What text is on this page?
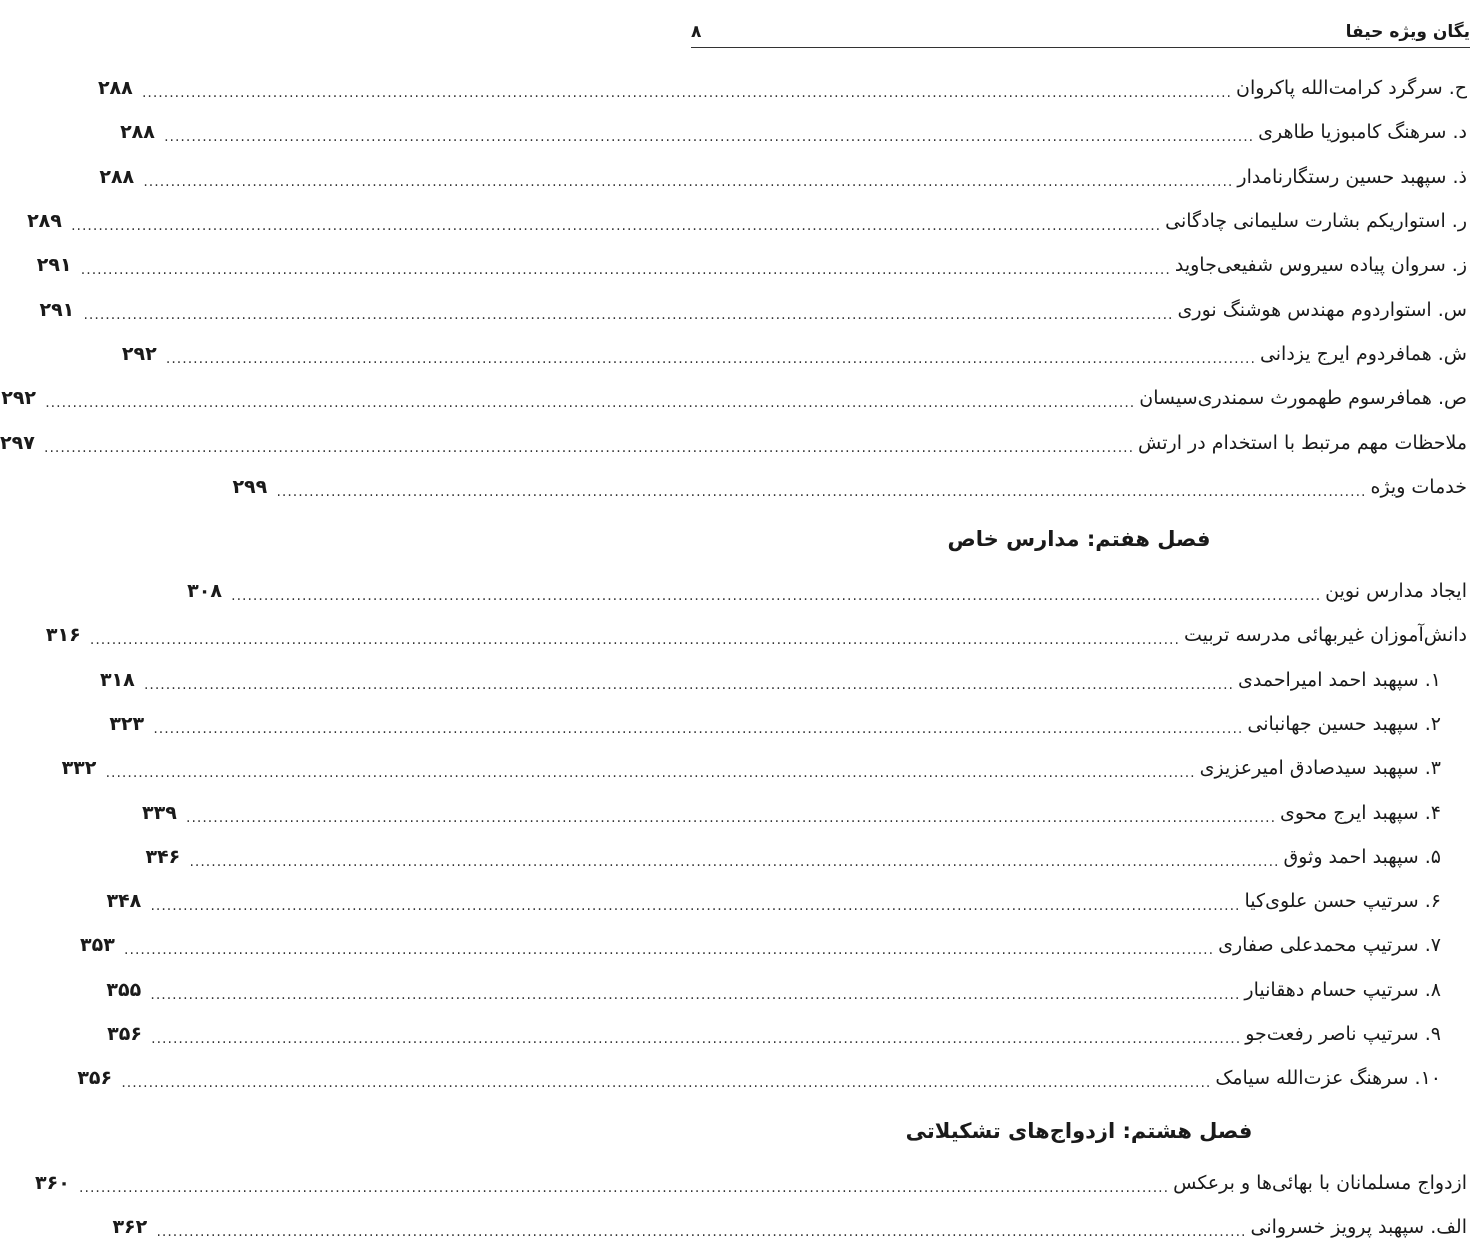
یگان ویژه حیفا
۸
ح. سرگرد کرامت‌الله پاکروان
........................................................................................................................................................................................................
۲۸۸
د. سرهنگ کامبوزیا طاهری
........................................................................................................................................................................................................
۲۸۸
ذ. سپهبد حسین رستگارنامدار
........................................................................................................................................................................................................
۲۸۸
ر. استواریکم بشارت سلیمانی چادگانی
........................................................................................................................................................................................................
۲۸۹
ز. سروان پیاده سیروس شفیعی‌جاوید
........................................................................................................................................................................................................
۲۹۱
س. استواردوم مهندس هوشنگ نوری
........................................................................................................................................................................................................
۲۹۱
ش. همافردوم ایرج یزدانی
........................................................................................................................................................................................................
۲۹۲
ص. همافرسوم طهمورث سمندری‌سیسان
........................................................................................................................................................................................................
۲۹۲
ملاحظات مهم مرتبط با استخدام در ارتش
........................................................................................................................................................................................................
۲۹۷
خدمات ویژه
........................................................................................................................................................................................................
۲۹۹
فصل هفتم: مدارس خاص
ایجاد مدارس نوین
........................................................................................................................................................................................................
۳۰۸
دانش‌آموزان غیربهائی مدرسه تربیت
........................................................................................................................................................................................................
۳۱۶
۱. سپهبد احمد امیراحمدی
........................................................................................................................................................................................................
۳۱۸
۲. سپهبد حسین جهانبانی
........................................................................................................................................................................................................
۳۲۳
۳. سپهبد سیدصادق امیرعزیزی
........................................................................................................................................................................................................
۳۳۲
۴. سپهبد ایرج محوی
........................................................................................................................................................................................................
۳۳۹
۵. سپهبد احمد وثوق
........................................................................................................................................................................................................
۳۴۶
۶. سرتیپ حسن علوی‌کیا
........................................................................................................................................................................................................
۳۴۸
۷. سرتیپ محمدعلی صفاری
........................................................................................................................................................................................................
۳۵۳
۸. سرتیپ حسام دهقانیار
........................................................................................................................................................................................................
۳۵۵
۹. سرتیپ ناصر رفعت‌جو
........................................................................................................................................................................................................
۳۵۶
۱۰. سرهنگ عزت‌الله سیامک
........................................................................................................................................................................................................
۳۵۶
فصل هشتم: ازدواج‌های تشکیلاتی
ازدواج مسلمانان با بهائی‌ها و برعکس
........................................................................................................................................................................................................
۳۶۰
الف. سپهبد پرویز خسروانی
........................................................................................................................................................................................................
۳۶۲
